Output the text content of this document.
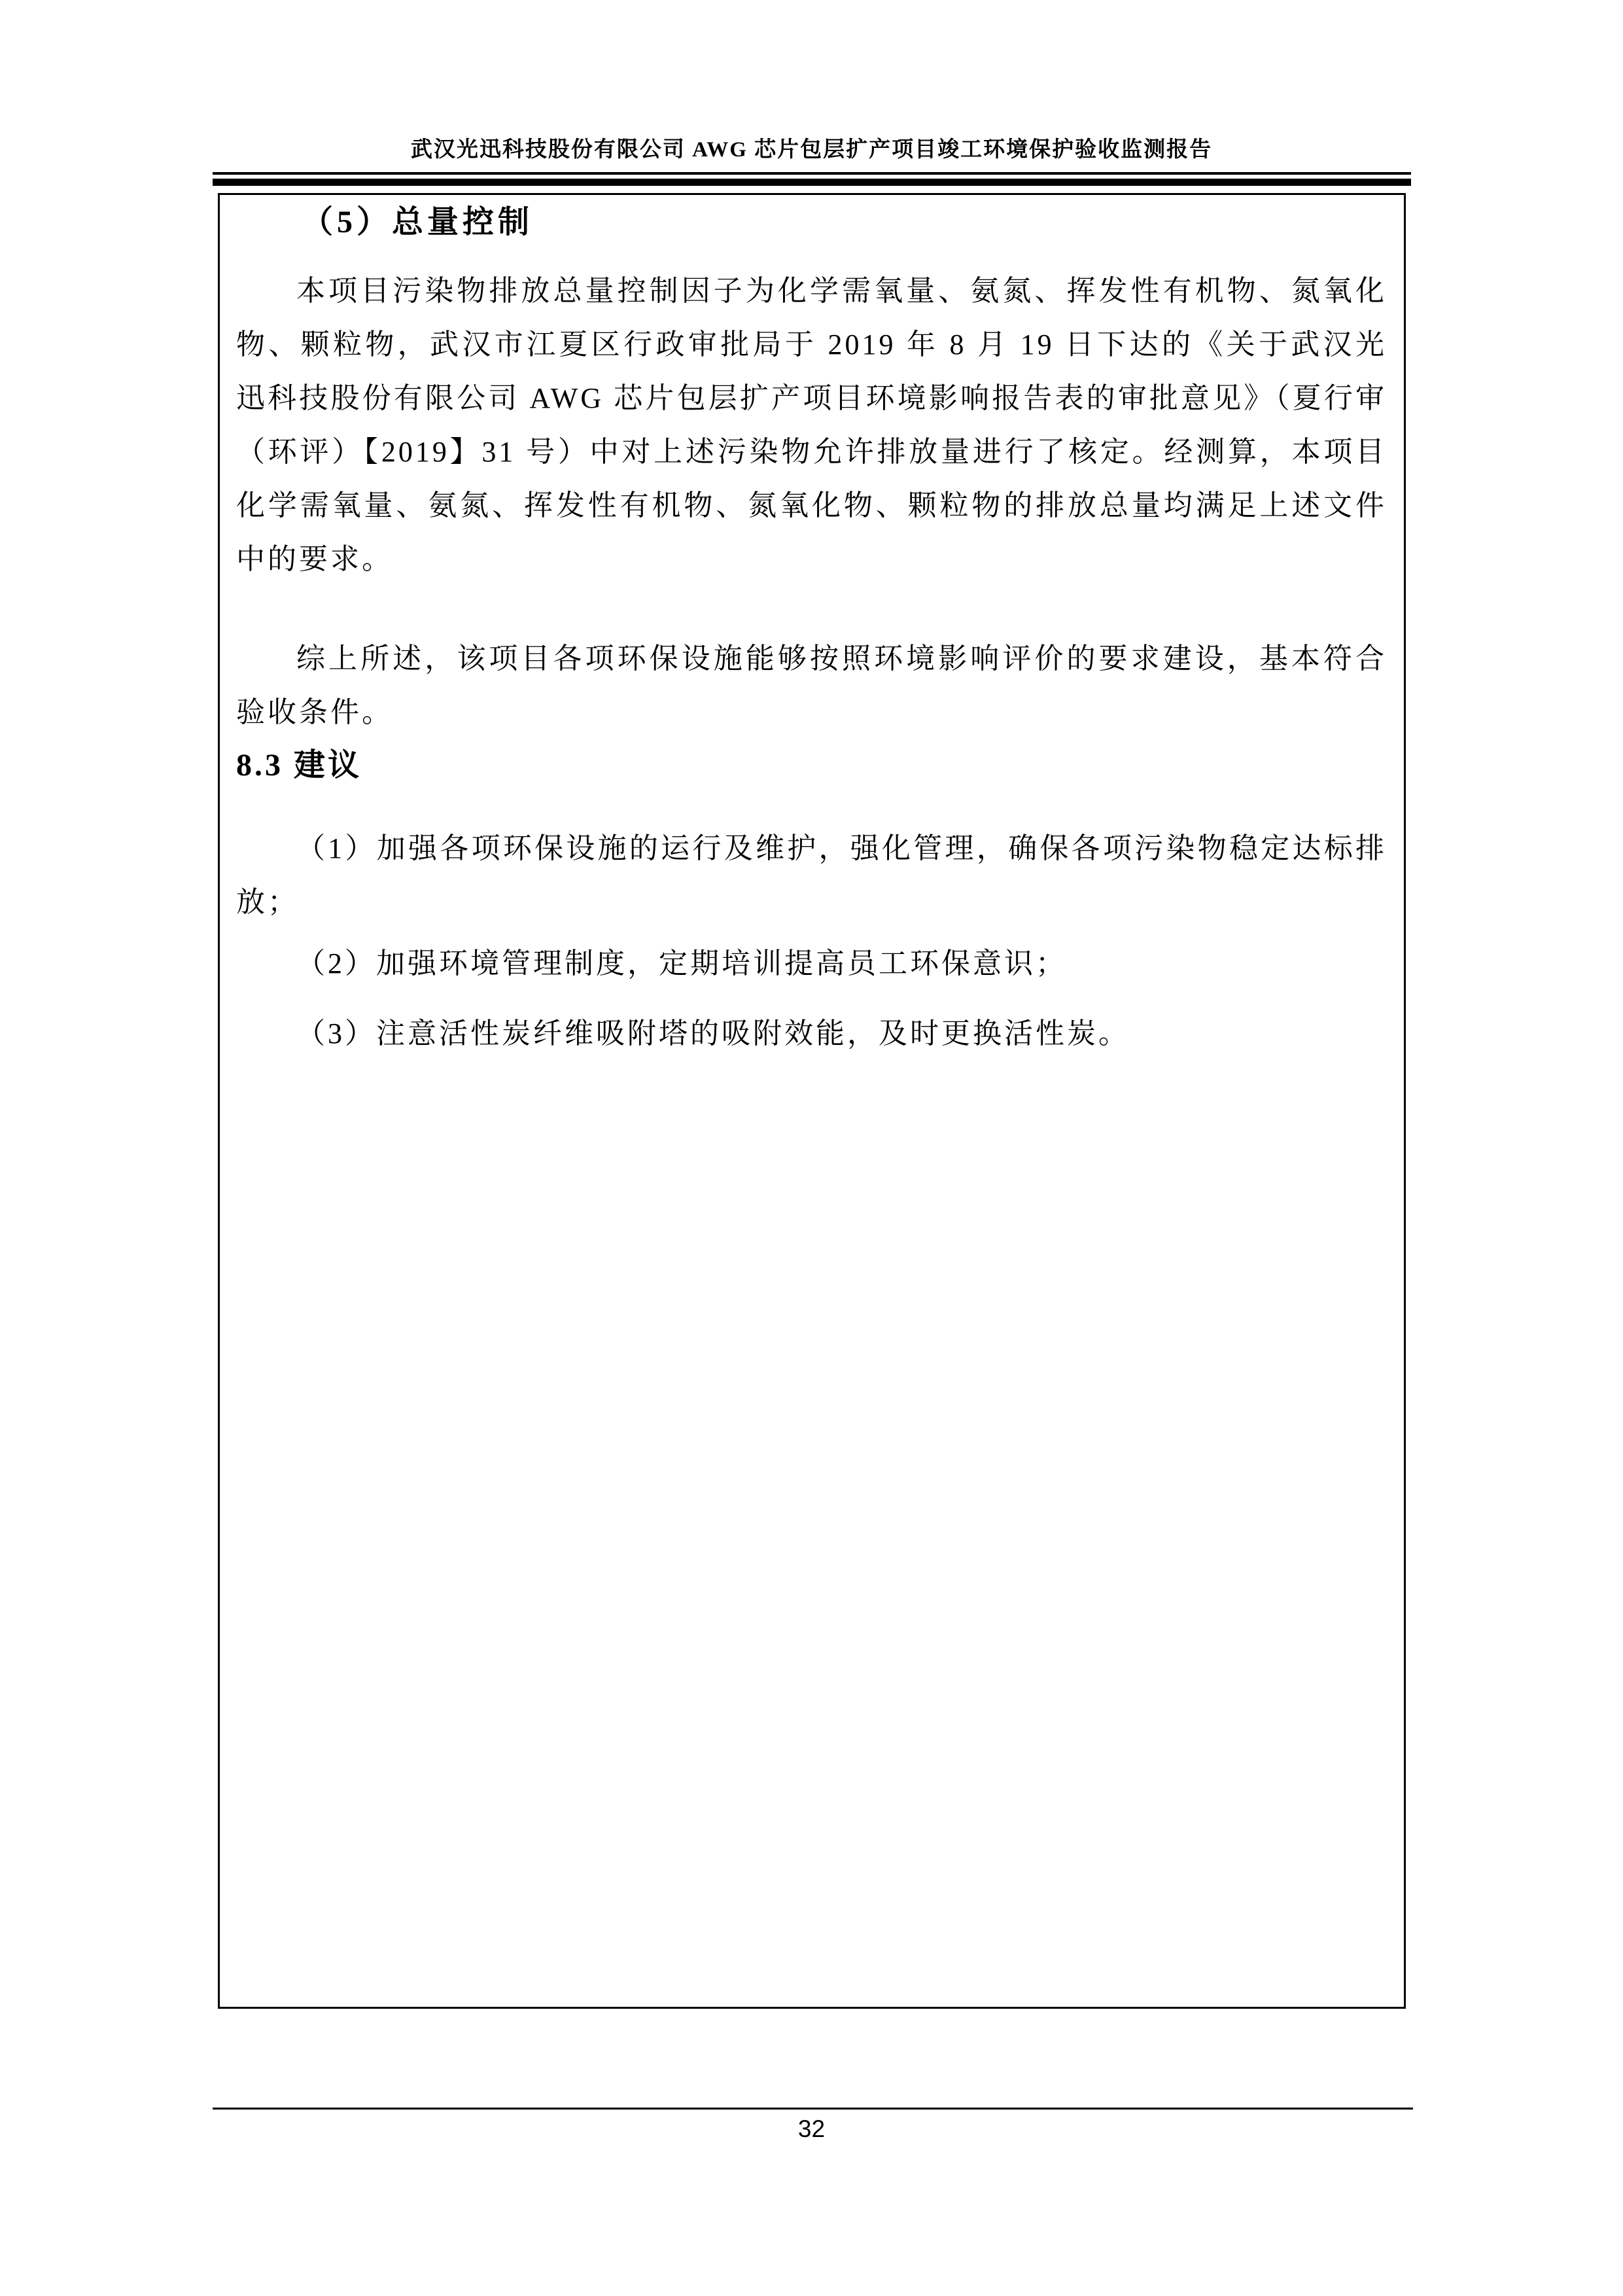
武汉光迅科技股份有限公司 AWG 芯片包层扩产项目竣工环境保护验收监测报告
（5）总量控制

本项目污染物排放总量控制因子为化学需氧量、氨氮、挥发性有机物、氮氧化物、颗粒物，武汉市江夏区行政审批局于 2019 年 8 月 19 日下达的《关于武汉光迅科技股份有限公司 AWG 芯片包层扩产项目环境影响报告表的审批意见》（夏行审（环评）【2019】31 号）中对上述污染物允许排放量进行了核定。经测算，本项目化学需氧量、氨氮、挥发性有机物、氮氧化物、颗粒物的排放总量均满足上述文件中的要求。

综上所述，该项目各项环保设施能够按照环境影响评价的要求建设，基本符合验收条件。

8.3 建议

（1）加强各项环保设施的运行及维护，强化管理，确保各项污染物稳定达标排放；

（2）加强环境管理制度，定期培训提高员工环保意识；

（3）注意活性炭纤维吸附塔的吸附效能，及时更换活性炭。

32
